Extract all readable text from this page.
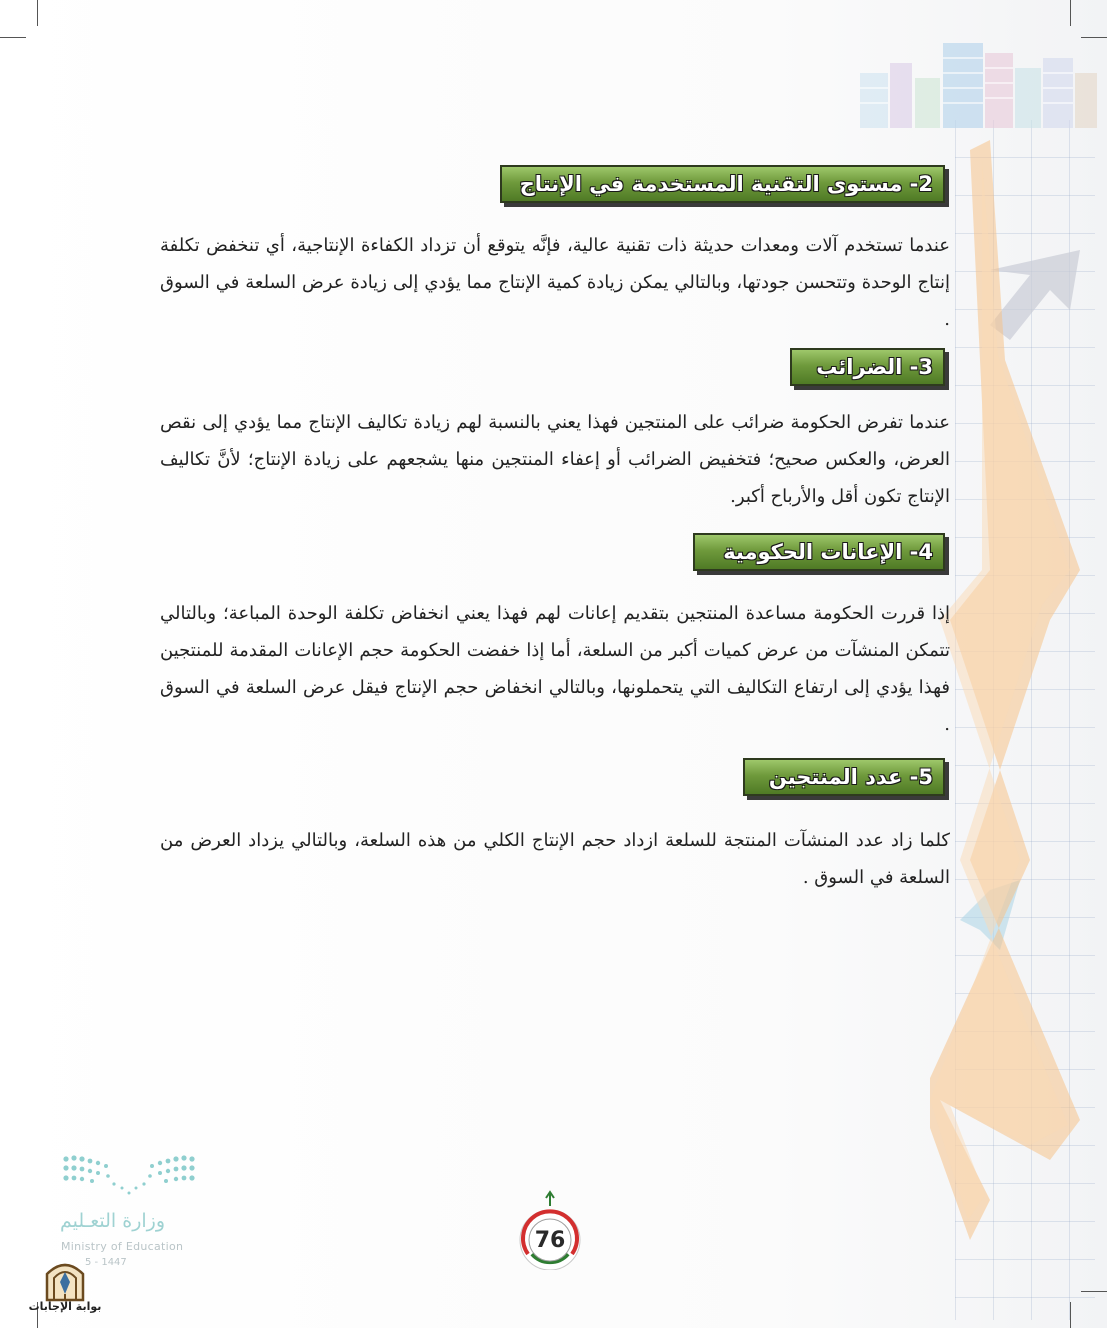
2- مستوى التقنية المستخدمة في الإنتاج

عندما تستخدم آلات ومعدات حديثة ذات تقنية عالية، فإنَّه يتوقع أن تزداد الكفاءة الإنتاجية، أي تنخفض تكلفة إنتاج الوحدة وتتحسن جودتها، وبالتالي يمكن زيادة كمية الإنتاج مما يؤدي إلى زيادة عرض السلعة في السوق .

3- الضرائب

عندما تفرض الحكومة ضرائب على المنتجين فهذا يعني بالنسبة لهم زيادة تكاليف الإنتاج مما يؤدي إلى نقص العرض، والعكس صحيح؛ فتخفيض الضرائب أو إعفاء المنتجين منها يشجعهم على زيادة الإنتاج؛ لأنَّ تكاليف الإنتاج تكون أقل والأرباح أكبر.

4- الإعانات الحكومية

إذا قررت الحكومة مساعدة المنتجين بتقديم إعانات لهم فهذا يعني انخفاض تكلفة الوحدة المباعة؛ وبالتالي تتمكن المنشآت من عرض كميات أكبر من السلعة، أما إذا خفضت الحكومة حجم الإعانات المقدمة للمنتجين فهذا يؤدي إلى ارتفاع التكاليف التي يتحملونها، وبالتالي انخفاض حجم الإنتاج فيقل عرض السلعة في السوق .

5- عدد المنتجين

كلما زاد عدد المنشآت المنتجة للسلعة ازداد حجم الإنتاج الكلي من هذه السلعة، وبالتالي يزداد العرض من السلعة في السوق .

وزارة التعـليم
Ministry of Education
5 - 1447
بوابة الإجابات
76
